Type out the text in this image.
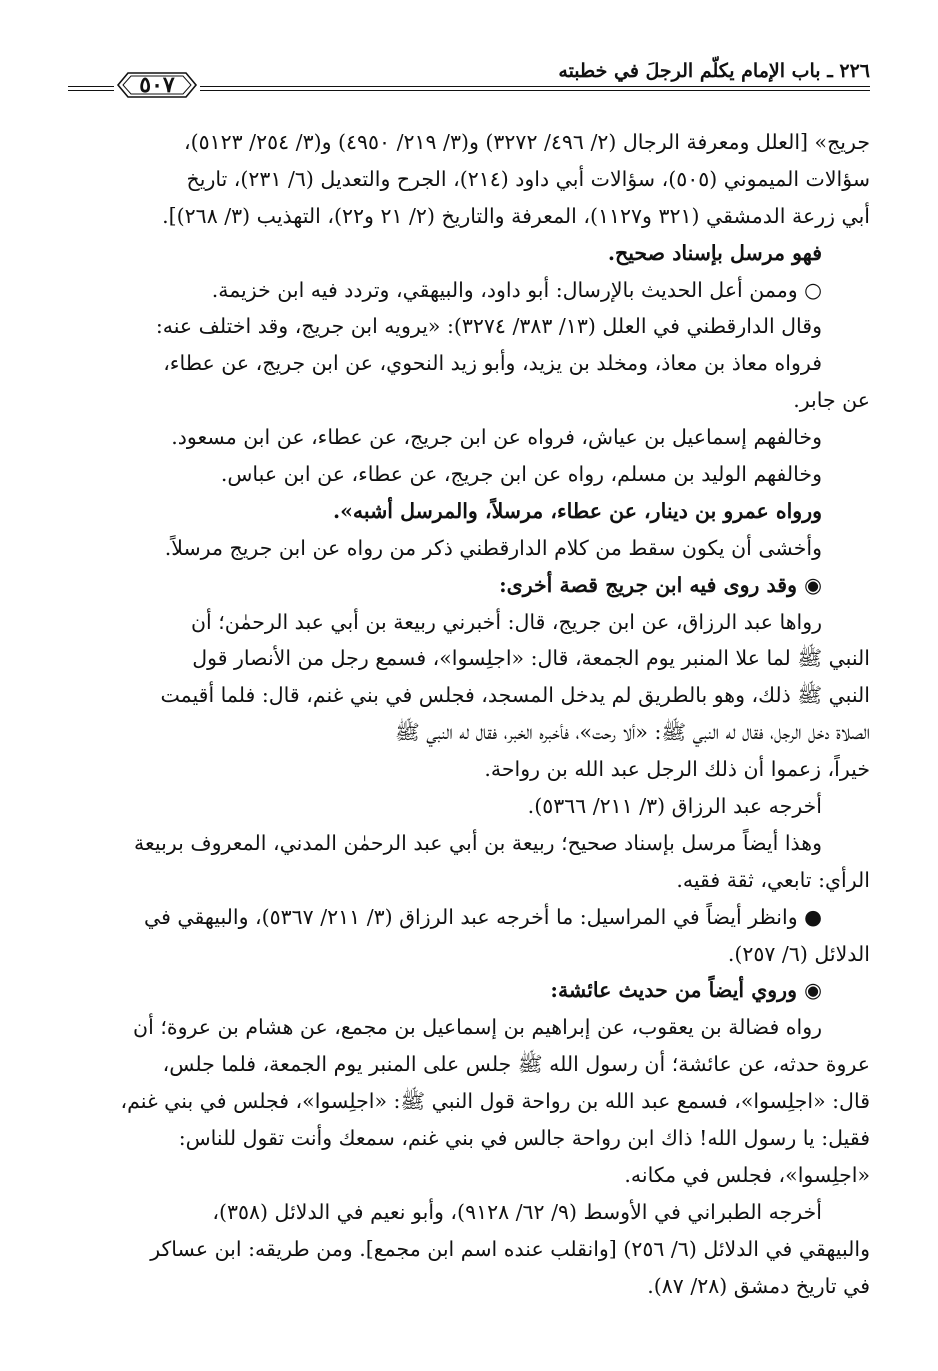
٢٢٦ ـ باب الإمام يكلّم الرجلَ في خطبته
٥٠٧
جريج» [العلل ومعرفة الرجال (٢/ ٤٩٦/ ٣٢٧٢) و(٣/ ٢١٩/ ٤٩٥٠) و(٣/ ٢٥٤/ ٥١٢٣)،
سؤالات الميموني (٥٠٥)، سؤالات أبي داود (٢١٤)، الجرح والتعديل (٦/ ٢٣١)، تاريخ
أبي زرعة الدمشقي (٣٢١ و١١٢٧)، المعرفة والتاريخ (٢/ ٢١ و٢٢)، التهذيب (٣/ ٢٦٨)].
فهو مرسل بإسناد صحيح.
○ وممن أعل الحديث بالإرسال: أبو داود، والبيهقي، وتردد فيه ابن خزيمة.
وقال الدارقطني في العلل (١٣/ ٣٨٣/ ٣٢٧٤): «يرويه ابن جريج، وقد اختلف عنه:
فرواه معاذ بن معاذ، ومخلد بن يزيد، وأبو زيد النحوي، عن ابن جريج، عن عطاء،
عن جابر.
وخالفهم إسماعيل بن عياش، فرواه عن ابن جريج، عن عطاء، عن ابن مسعود.
وخالفهم الوليد بن مسلم، رواه عن ابن جريج، عن عطاء، عن ابن عباس.
ورواه عمرو بن دينار، عن عطاء، مرسلاً، والمرسل أشبه».
وأخشى أن يكون سقط من كلام الدارقطني ذكر من رواه عن ابن جريج مرسلاً.
◉ وقد روى فيه ابن جريج قصة أخرى:
رواها عبد الرزاق، عن ابن جريج، قال: أخبرني ربيعة بن أبي عبد الرحمٰن؛ أن
النبي ﷺ لما علا المنبر يوم الجمعة، قال: «اجلِسوا»، فسمع رجل من الأنصار قول
النبي ﷺ ذلك، وهو بالطريق لم يدخل المسجد، فجلس في بني غنم، قال: فلما أقيمت
الصلاة دخل الرجل، فقال له النبي ﷺ: «ألا رحت»، فأخبره الخبر، فقال له النبي ﷺ
خيراً، زعموا أن ذلك الرجل عبد الله بن رواحة.
أخرجه عبد الرزاق (٣/ ٢١١/ ٥٣٦٦).
وهذا أيضاً مرسل بإسناد صحيح؛ ربيعة بن أبي عبد الرحمٰن المدني، المعروف بربيعة
الرأي: تابعي، ثقة فقيه.
● وانظر أيضاً في المراسيل: ما أخرجه عبد الرزاق (٣/ ٢١١/ ٥٣٦٧)، والبيهقي في
الدلائل (٦/ ٢٥٧).
◉ وروي أيضاً من حديث عائشة:
رواه فضالة بن يعقوب، عن إبراهيم بن إسماعيل بن مجمع، عن هشام بن عروة؛ أن
عروة حدثه، عن عائشة؛ أن رسول الله ﷺ جلس على المنبر يوم الجمعة، فلما جلس،
قال: «اجلِسوا»، فسمع عبد الله بن رواحة قول النبي ﷺ: «اجلِسوا»، فجلس في بني غنم،
فقيل: يا رسول الله! ذاك ابن رواحة جالس في بني غنم، سمعك وأنت تقول للناس:
«اجلِسوا»، فجلس في مكانه.
أخرجه الطبراني في الأوسط (٩/ ٦٢/ ٩١٢٨)، وأبو نعيم في الدلائل (٣٥٨)،
والبيهقي في الدلائل (٦/ ٢٥٦) [وانقلب عنده اسم ابن مجمع]. ومن طريقه: ابن عساكر
في تاريخ دمشق (٢٨/ ٨٧).
